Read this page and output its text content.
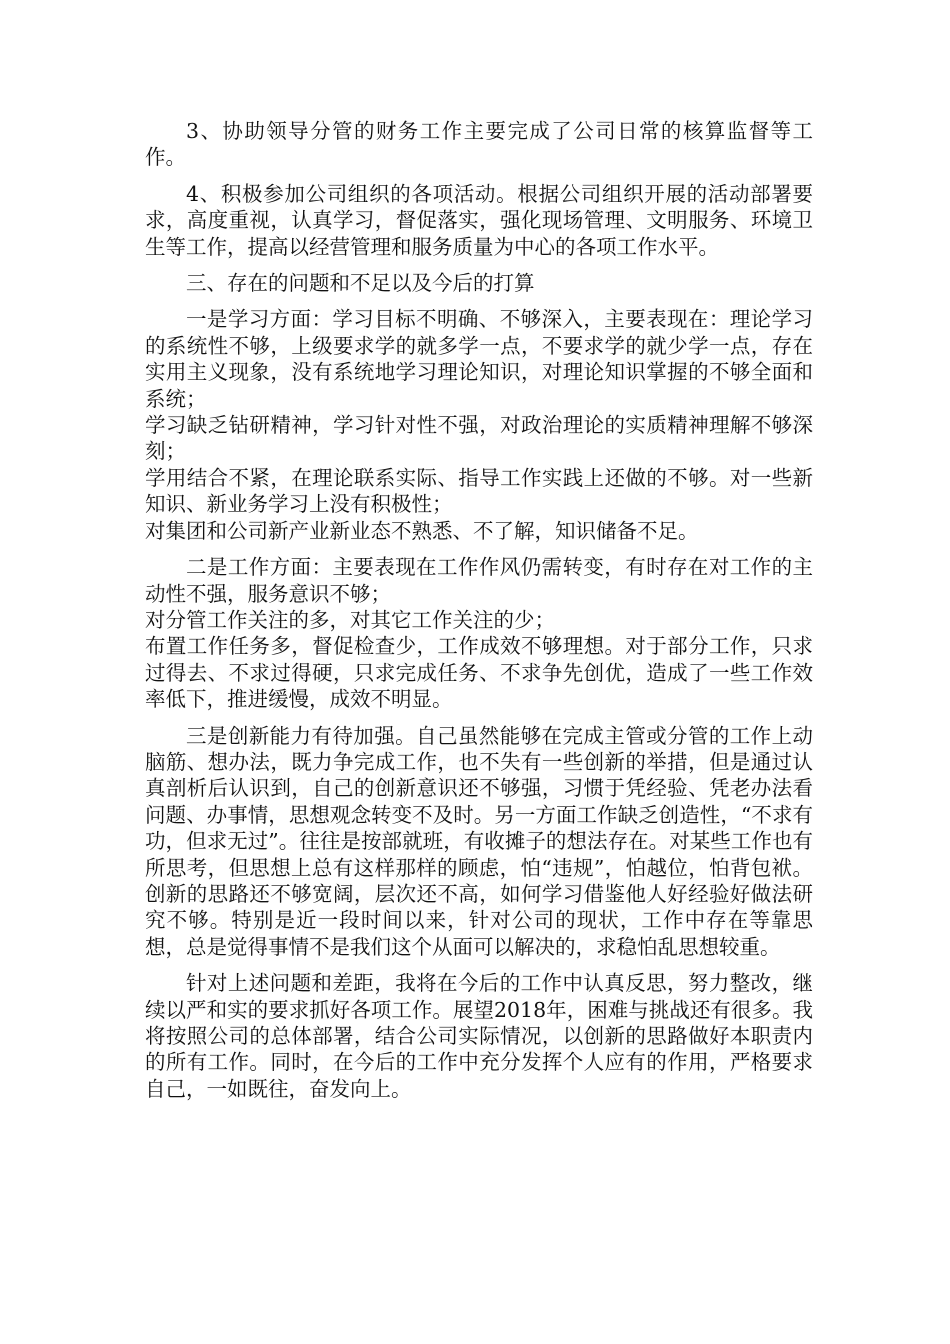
3、协助领导分管的财务工作主要完成了公司日常的核算监督等工作。

4、积极参加公司组织的各项活动。根据公司组织开展的活动部署要求，高度重视，认真学习，督促落实，强化现场管理、文明服务、环境卫生等工作，提高以经营管理和服务质量为中心的各项工作水平。

三、存在的问题和不足以及今后的打算

一是学习方面：学习目标不明确、不够深入，主要表现在：理论学习的系统性不够，上级要求学的就多学一点，不要求学的就少学一点，存在实用主义现象，没有系统地学习理论知识，对理论知识掌握的不够全面和系统；

学习缺乏钻研精神，学习针对性不强，对政治理论的实质精神理解不够深刻；

学用结合不紧，在理论联系实际、指导工作实践上还做的不够。对一些新知识、新业务学习上没有积极性；

对集团和公司新产业新业态不熟悉、不了解，知识储备不足。

二是工作方面：主要表现在工作作风仍需转变，有时存在对工作的主动性不强，服务意识不够；

对分管工作关注的多，对其它工作关注的少；

布置工作任务多，督促检查少，工作成效不够理想。对于部分工作，只求过得去、不求过得硬，只求完成任务、不求争先创优，造成了一些工作效率低下，推进缓慢，成效不明显。

三是创新能力有待加强。自己虽然能够在完成主管或分管的工作上动脑筋、想办法，既力争完成工作，也不失有一些创新的举措，但是通过认真剖析后认识到，自己的创新意识还不够强，习惯于凭经验、凭老办法看问题、办事情，思想观念转变不及时。另一方面工作缺乏创造性，“不求有功，但求无过”。往往是按部就班，有收摊子的想法存在。对某些工作也有所思考，但思想上总有这样那样的顾虑，怕“违规”，怕越位，怕背包袱。创新的思路还不够宽阔，层次还不高，如何学习借鉴他人好经验好做法研究不够。特别是近一段时间以来，针对公司的现状，工作中存在等靠思想，总是觉得事情不是我们这个从面可以解决的，求稳怕乱思想较重。

针对上述问题和差距，我将在今后的工作中认真反思，努力整改，继续以严和实的要求抓好各项工作。展望2018年，困难与挑战还有很多。我将按照公司的总体部署，结合公司实际情况，以创新的思路做好本职责内的所有工作。同时，在今后的工作中充分发挥个人应有的作用，严格要求自己，一如既往，奋发向上。
